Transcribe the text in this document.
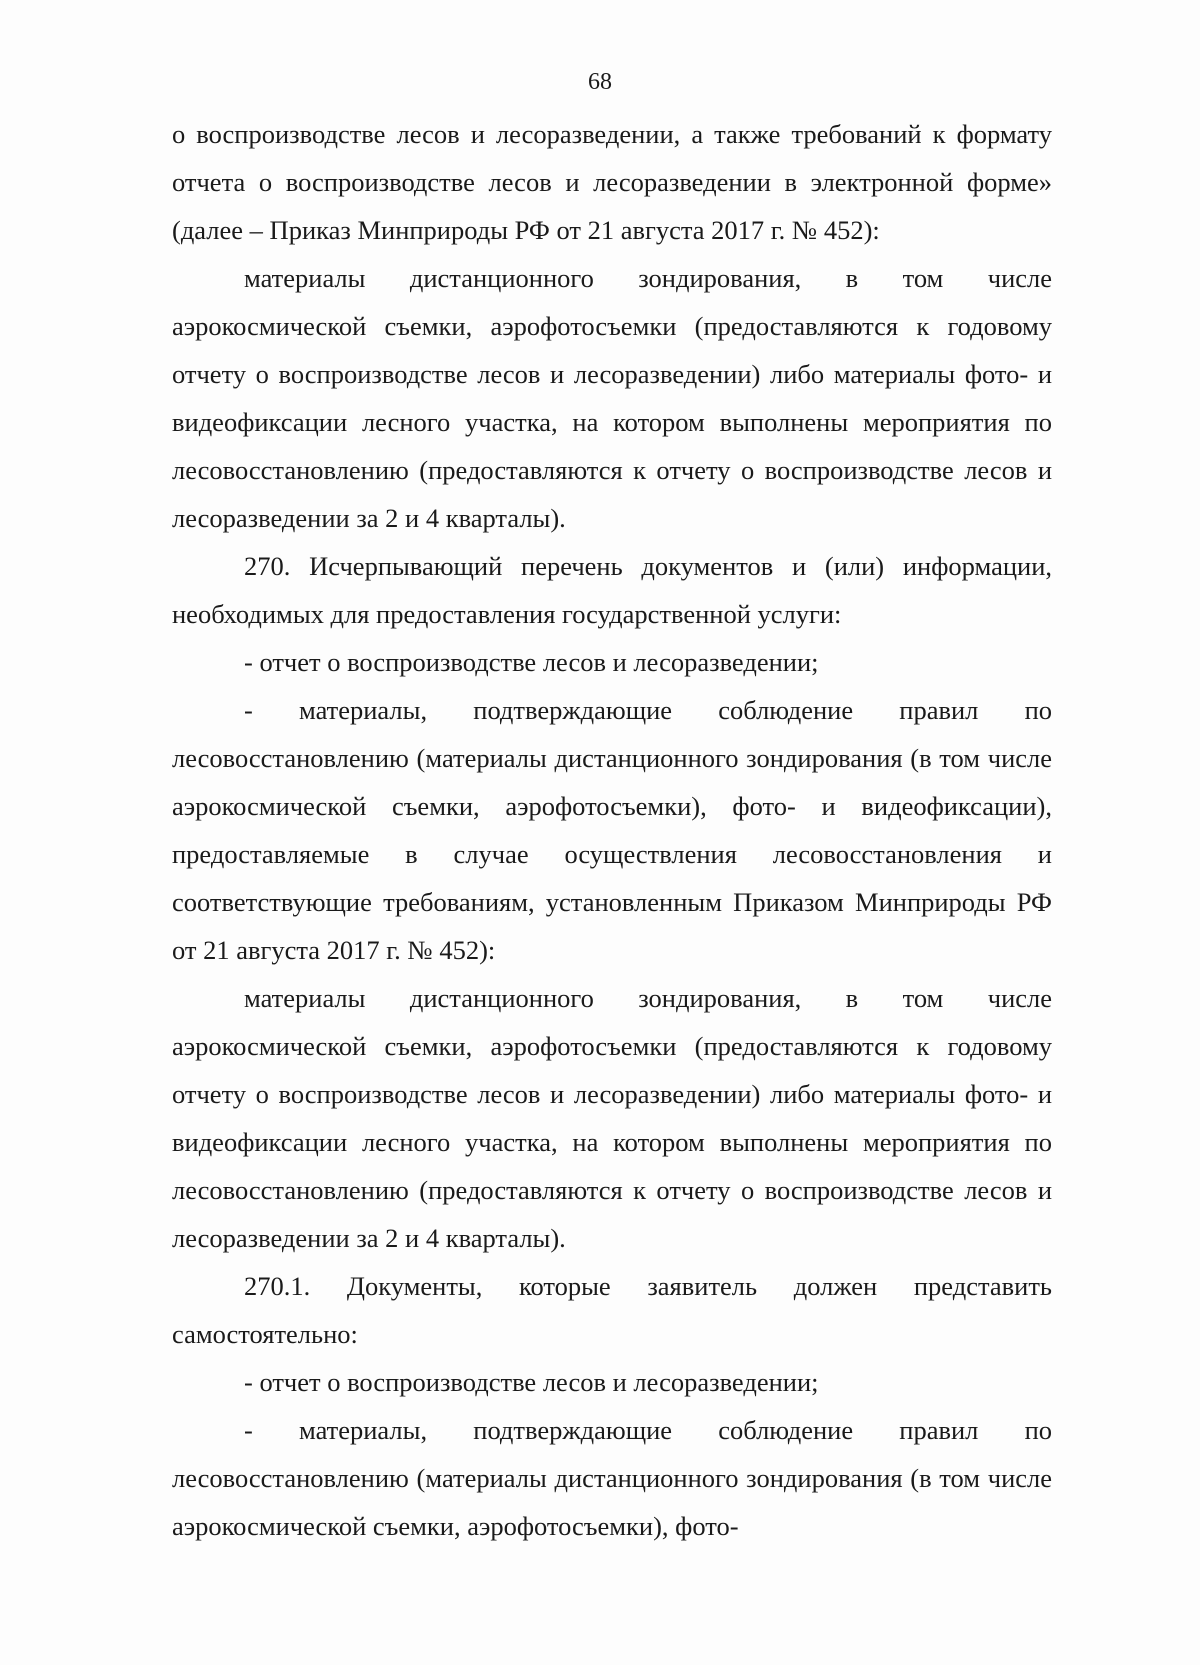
68

о воспроизводстве лесов и лесоразведении, а также требований к формату отчета о воспроизводстве лесов и лесоразведении в электронной форме» (далее – Приказ Минприроды РФ от 21 августа 2017 г. № 452):

материалы дистанционного зондирования, в том числе аэрокосмической съемки, аэрофотосъемки (предоставляются к годовому отчету о воспроизводстве лесов и лесоразведении) либо материалы фото- и видеофиксации лесного участка, на котором выполнены мероприятия по лесовосстановлению (предоставляются к отчету о воспроизводстве лесов и лесоразведении за 2 и 4 кварталы).

270. Исчерпывающий перечень документов и (или) информации, необходимых для предоставления государственной услуги:

- отчет о воспроизводстве лесов и лесоразведении;

- материалы, подтверждающие соблюдение правил по лесовосстановлению (материалы дистанционного зондирования (в том числе аэрокосмической съемки, аэрофотосъемки), фото- и видеофиксации), предоставляемые в случае осуществления лесовосстановления и соответствующие требованиям, установленным Приказом Минприроды РФ от 21 августа 2017 г. № 452):

материалы дистанционного зондирования, в том числе аэрокосмической съемки, аэрофотосъемки (предоставляются к годовому отчету о воспроизводстве лесов и лесоразведении) либо материалы фото- и видеофиксации лесного участка, на котором выполнены мероприятия по лесовосстановлению (предоставляются к отчету о воспроизводстве лесов и лесоразведении за 2 и 4 кварталы).

270.1. Документы, которые заявитель должен представить самостоятельно:

- отчет о воспроизводстве лесов и лесоразведении;

- материалы, подтверждающие соблюдение правил по лесовосстановлению (материалы дистанционного зондирования (в том числе аэрокосмической съемки, аэрофотосъемки), фото-
